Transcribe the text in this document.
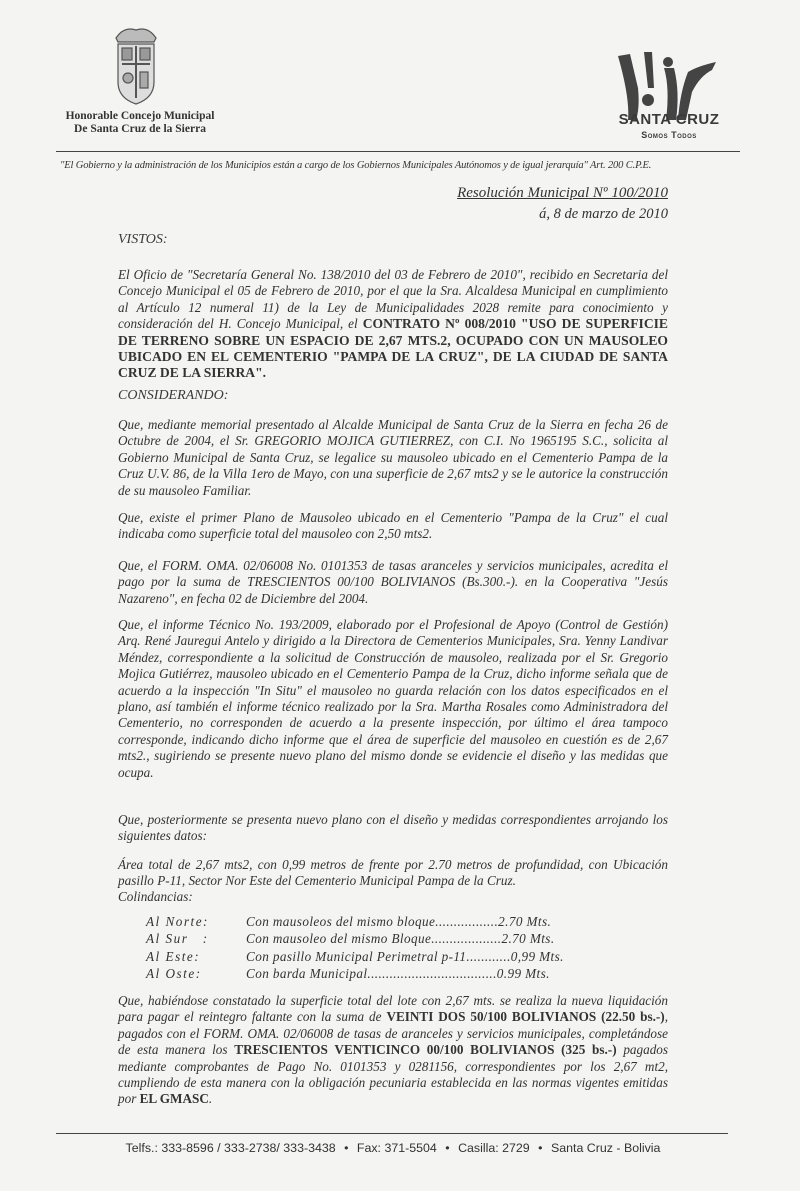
Honorable Concejo Municipal
De Santa Cruz de la Sierra
SANTA CRUZ
Somos Todos
"El Gobierno y la administración de los Municipios están a cargo de los Gobiernos Municipales Autónomos y de igual jerarquía" Art. 200 C.P.E.
Resolución Municipal Nº 100/2010
á, 8 de marzo de 2010
VISTOS:
El Oficio de "Secretaría General No. 138/2010 del 03 de Febrero de 2010", recibido en Secretaria del Concejo Municipal el 05 de Febrero de 2010, por el que la Sra. Alcaldesa Municipal en cumplimiento al Artículo 12 numeral 11) de la Ley de Municipalidades 2028 remite para conocimiento y consideración del H. Concejo Municipal, el CONTRATO Nº 008/2010 "USO DE SUPERFICIE DE TERRENO SOBRE UN ESPACIO DE 2,67 MTS.2, OCUPADO CON UN MAUSOLEO UBICADO EN EL CEMENTERIO "PAMPA DE LA CRUZ", DE LA CIUDAD DE SANTA CRUZ DE LA SIERRA".
CONSIDERANDO:
Que, mediante memorial presentado al Alcalde Municipal de Santa Cruz de la Sierra en fecha 26 de Octubre de 2004, el Sr. GREGORIO MOJICA GUTIERREZ, con C.I. No 1965195 S.C., solicita al Gobierno Municipal de Santa Cruz, se legalice su mausoleo ubicado en el Cementerio Pampa de la Cruz U.V. 86, de la Villa 1ero de Mayo, con una superficie de 2,67 mts2 y se le autorice la construcción de su mausoleo Familiar.
Que, existe el primer Plano de Mausoleo ubicado en el Cementerio "Pampa de la Cruz" el cual indicaba como superficie total del mausoleo con 2,50 mts2.
Que, el FORM. OMA. 02/06008 No. 0101353 de tasas aranceles y servicios municipales, acredita el pago por la suma de TRESCIENTOS 00/100 BOLIVIANOS (Bs.300.-). en la Cooperativa "Jesús Nazareno", en fecha 02 de Diciembre del 2004.
Que, el informe Técnico No. 193/2009, elaborado por el Profesional de Apoyo (Control de Gestión) Arq. René Jauregui Antelo y dirigido a la Directora de Cementerios Municipales, Sra. Yenny Landivar Méndez, correspondiente a la solicitud de Construcción de mausoleo, realizada por el Sr. Gregorio Mojica Gutiérrez, mausoleo ubicado en el Cementerio Pampa de la Cruz, dicho informe señala que de acuerdo a la inspección "In Situ" el mausoleo no guarda relación con los datos especificados en el plano, así también el informe técnico realizado por la Sra. Martha Rosales como Administradora del Cementerio, no corresponden de acuerdo a la presente inspección, por último el área tampoco corresponde, indicando dicho informe que el área de superficie del mausoleo en cuestión es de 2,67 mts2., sugiriendo se presente nuevo plano del mismo donde se evidencie el diseño y las medidas que ocupa.
Que, posteriormente se presenta nuevo plano con el diseño y medidas correspondientes arrojando los siguientes datos:
Área total de 2,67 mts2, con 0,99 metros de frente por 2.70 metros de profundidad, con Ubicación pasillo P-11, Sector Nor Este del Cementerio Municipal Pampa de la Cruz.
Colindancias:
Al Norte:	Con mausoleos del mismo bloque.................2.70 Mts.
Al Sur   :	Con mausoleo del mismo Bloque...................2.70 Mts.
Al Este:	Con pasillo Municipal Perimetral p-11............0,99 Mts.
Al Oste:	Con barda Municipal...................................0.99 Mts.
Que, habiéndose constatado la superficie total del lote con 2,67 mts. se realiza la nueva liquidación para pagar el reintegro faltante con la suma de VEINTI DOS 50/100 BOLIVIANOS (22.50 bs.-), pagados con el FORM. OMA. 02/06008 de tasas de aranceles y servicios municipales, completándose de esta manera los TRESCIENTOS VENTICINCO 00/100 BOLIVIANOS (325 bs.-) pagados mediante comprobantes de Pago No. 0101353 y 0281156, correspondientes por los 2,67 mt2, cumpliendo de esta manera con la obligación pecuniaria establecida en las normas vigentes emitidas por EL GMASC.
Telfs.: 333-8596 / 333-2738/ 333-3438 • Fax: 371-5504 • Casilla: 2729 • Santa Cruz - Bolivia
